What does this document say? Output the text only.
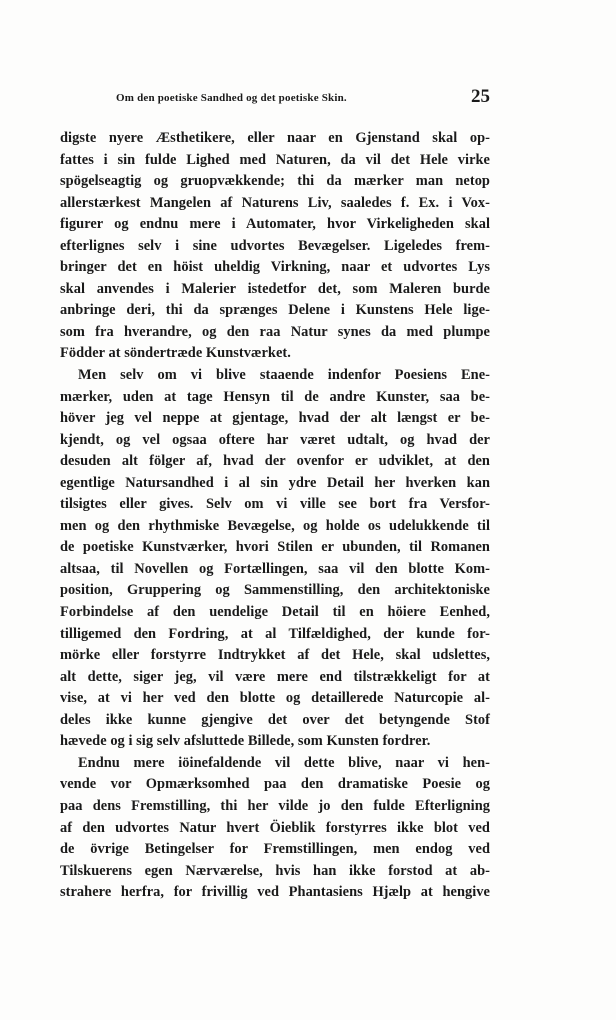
Om den poetiske Sandhed og det poetiske Skin.	25
digste nyere Æsthetikere, eller naar en Gjenstand skal op-
fattes i sin fulde Lighed med Naturen, da vil det Hele virke
spögelseagtig og gruopvækkende; thi da mærker man netop
allerstærkest Mangelen af Naturens Liv, saaledes f. Ex. i Vox-
figurer og endnu mere i Automater, hvor Virkeligheden skal
efterlignes selv i sine udvortes Bevægelser. Ligeledes frem-
bringer det en höist uheldig Virkning, naar et udvortes Lys
skal anvendes i Malerier istedetfor det, som Maleren burde
anbringe deri, thi da sprænges Delene i Kunstens Hele lige-
som fra hverandre, og den raa Natur synes da med plumpe
Födder at söndertræde Kunstværket.
Men selv om vi blive staaende indenfor Poesiens Ene-
mærker, uden at tage Hensyn til de andre Kunster, saa be-
höver jeg vel neppe at gjentage, hvad der alt længst er be-
kjendt, og vel ogsaa oftere har været udtalt, og hvad der
desuden alt fölger af, hvad der ovenfor er udviklet, at den
egentlige Natursandhed i al sin ydre Detail her hverken kan
tilsigtes eller gives. Selv om vi ville see bort fra Versfor-
men og den rhythmiske Bevægelse, og holde os udelukkende til
de poetiske Kunstværker, hvori Stilen er ubunden, til Romanen
altsaa, til Novellen og Fortællingen, saa vil den blotte Kom-
position, Gruppering og Sammenstilling, den architektoniske
Forbindelse af den uendelige Detail til en höiere Eenhed,
tilligemed den Fordring, at al Tilfældighed, der kunde for-
mörke eller forstyrre Indtrykket af det Hele, skal udslettes,
alt dette, siger jeg, vil være mere end tilstrækkeligt for at
vise, at vi her ved den blotte og detaillerede Naturcopie al-
deles ikke kunne gjengive det over det betyngende Stof
hævede og i sig selv afsluttede Billede, som Kunsten fordrer.
Endnu mere iöinefaldende vil dette blive, naar vi hen-
vende vor Opmærksomhed paa den dramatiske Poesie og
paa dens Fremstilling, thi her vilde jo den fulde Efterligning
af den udvortes Natur hvert Öieblik forstyrres ikke blot ved
de övrige Betingelser for Fremstillingen, men endog ved
Tilskuerens egen Nærværelse, hvis han ikke forstod at ab-
strahere herfra, for frivillig ved Phantasiens Hjælp at hengive
